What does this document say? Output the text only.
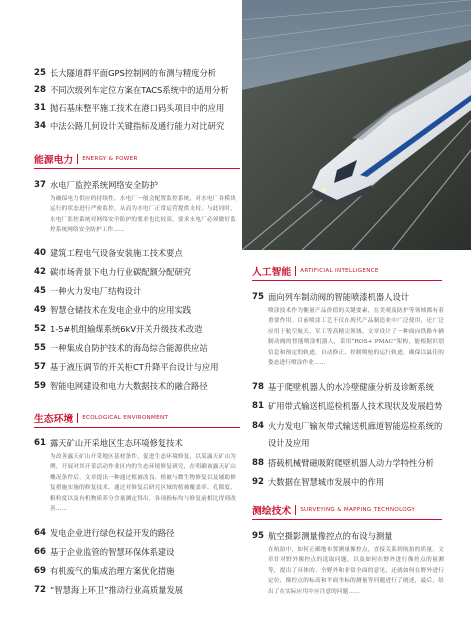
25 长大隧道群平面GPS控制网的布测与精度分析
28 不同次级列车定位方案在TACS系统中的适用分析
31 抛石基床整平施工技术在港口码头项目中的应用
34 中法公路几何设计关键指标及通行能力对比研究
能源电力 ENERGY & POWER
37 水电厂监控系统网络安全防护
为确保电力供应的持续性，水电厂一般会配置监控系统，对水电厂各模块运行的状态进行严密监控，从而为水电厂正常运营提供支持。与此同时，水电厂监控系统对网络安全防护的要求也比较高，要求水电厂必须做好监控系统网络安全防护工作……
40 建筑工程电气设备安装施工技术要点
42 碳市场背景下电力行业碳配额分配研究
45 一种火力发电厂结构设计
49 智慧仓储技术在发电企业中的应用实践
52 1-5#机组输煤系统6kV开关升级技术改造
55 一种集成自防护技术的海岛综合能源供应站
57 基于液压调节的开关柜CT升降平台设计与应用
59 智能电网建设和电力大数据技术的融合路径
生态环境 ECOLOGICAL ENVIRONMENT
61 露天矿山开采地区生态环境修复技术
为改善露天矿山开采地区基材条件，促进生态环境修复，以某露天矿山为例，开展对其开采活动作业区内的生态环境修复研究，在明确该露天矿山概况条件后，文章提出一种通过植被改良、植被与微生物修复以及辅助修复措施实施的修复技术。通过对修复后研究区域的植被覆盖率、孔隙度、粗粒度以及有机物质养分含量测定得出，各项指标均与修复前相比得到改善……
64 发电企业进行绿色权益开发的路径
66 基于企业监管的智慧环保体系建设
69 有机废气的集成治理方案优化措施
72 “智慧海上环卫”推动行业高质量发展
人工智能 ARTIFICIAL INTELLIGENCE
75 面向列车制动阀的智能喷漆机器人设计
喷涂技术作为衡量产品价值的关键要素，在美观及防护等领域都有着重要作用。目前喷涂工艺不仅在现代产品制造业中广泛使用，还广泛应用于航空航天、军工等高精尖领域。文章设计了一种面向铁路车辆制动阀的智能喷涂机器人，采用“ROS+ PMAC”架构，能根据识别信息和预定的轨迹，自动修正、控制喷枪的运行轨迹，确保以最佳的姿态进行喷涂作业……
78 基于爬壁机器人的水冷壁健康分析及诊断系统
81 矿用带式输送机巡检机器人技术现状及发展趋势
84 火力发电厂输灰带式输送机廊道智能巡检系统的设计及应用
88 搭载机械臂磁吸附爬壁机器人动力学特性分析
92 大数据在智慧城市发展中的作用
测绘技术 SURVEYING & MAPPING TECHNOLOGY
95 航空摄影测量像控点的布设与测量
在航拍中，如何正确地布置测量像控点，直接关系到航拍的质量。文章针对野外像控点的选取问题，以及如何在野外进行像控点的量测等，提出了具体的、全野外和非常全面的意见，还就如何在野外进行定位，像控点的标高和平面坐标的测量等问题进行了阐述，最后，给出了在实际应用中应注意的问题……
